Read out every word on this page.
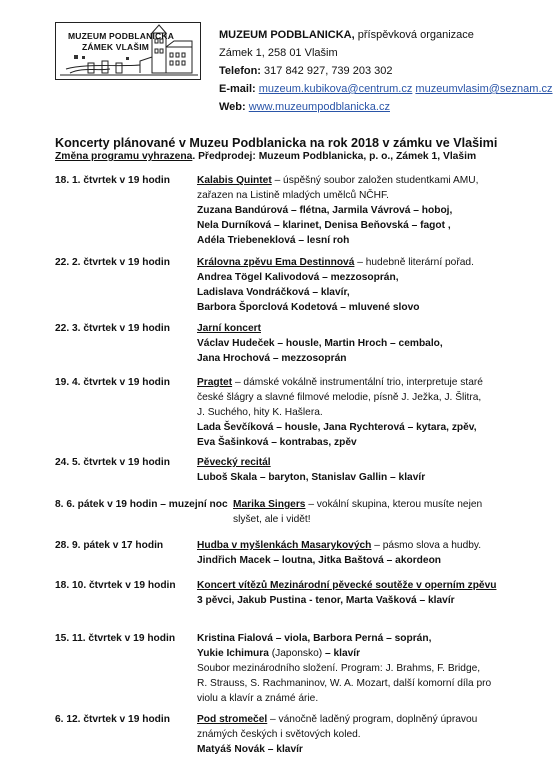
MUZEUM PODBLANICKA
ZÁMEK VLAŠIM
MUZEUM PODBLANICKA, příspěvková organizace
Zámek 1, 258 01 Vlašim
Telefon: 317 842 927, 739 203 302
E-mail: muzeum.kubikova@centrum.cz muzeumvlasim@seznam.cz
Web: www.muzeumpodblanicka.cz
Koncerty plánované v Muzeu Podblanicka na rok 2018 v zámku ve Vlašimi
Změna programu vyhrazena. Předprodej: Muzeum Podblanicka, p. o., Zámek 1, Vlašim
18. 1. čtvrtek v 19 hodin	Kalabis Quintet – úspěšný soubor založen studentkami AMU,
zařazen na Listině mladých umělců NČHF.
Zuzana Bandúrová – flétna, Jarmila Vávrová – hoboj,
Nela Durníková – klarinet, Denisa Beňovská – fagot ,
Adéla Triebeneklová – lesní roh
22. 2. čtvrtek v 19 hodin	Královna zpěvu Ema Destinnová – hudebně literární pořad.
Andrea Tögel Kalivodová – mezzosoprán,
Ladislava Vondráčková – klavír,
Barbora Šporclová Kodetová – mluvené slovo
22. 3. čtvrtek v 19 hodin	Jarní koncert
Václav Hudeček – housle, Martin Hroch – cembalo,
Jana Hrochová – mezzosoprán
19. 4. čtvrtek v 19 hodin	Pragtet – dámské vokálně instrumentální trio, interpretuje staré
české šlágry a slavné filmové melodie, písně J. Ježka, J. Šlitra,
J. Suchého, hity K. Hašlera.
Lada Ševčíková – housle, Jana Rychterová – kytara, zpěv,
Eva Šašinková – kontrabas, zpěv
24. 5. čtvrtek v 19 hodin	Pěvecký recitál
Luboš Skala – baryton, Stanislav Gallin – klavír
8. 6. pátek v 19 hodin – muzejní noc Marika Singers – vokální skupina, kterou musíte nejen
slyšet, ale i vidět!
28. 9. pátek v 17 hodin	Hudba v myšlenkách Masarykových – pásmo slova a hudby.
Jindřich Macek – loutna, Jitka Baštová – akordeon
18. 10. čtvrtek v 19 hodin Koncert vítězů Mezinárodní pěvecké soutěže v operním zpěvu
3 pěvci, Jakub Pustina - tenor, Marta Vašková – klavír
15. 11. čtvrtek v 19 hodin Kristina Fialová – viola, Barbora Perná – soprán,
Yukie Ichimura (Japonsko) – klavír
Soubor mezinárodního složení. Program: J. Brahms, F. Bridge,
R. Strauss, S. Rachmaninov, W. A. Mozart, další komorní díla pro
violu a klavír a známé árie.
6. 12. čtvrtek v 19 hodin	Pod stromečel – vánočně laděný program, doplněný úpravou
známých českých i světových koled.
Matyáš Novák – klavír
